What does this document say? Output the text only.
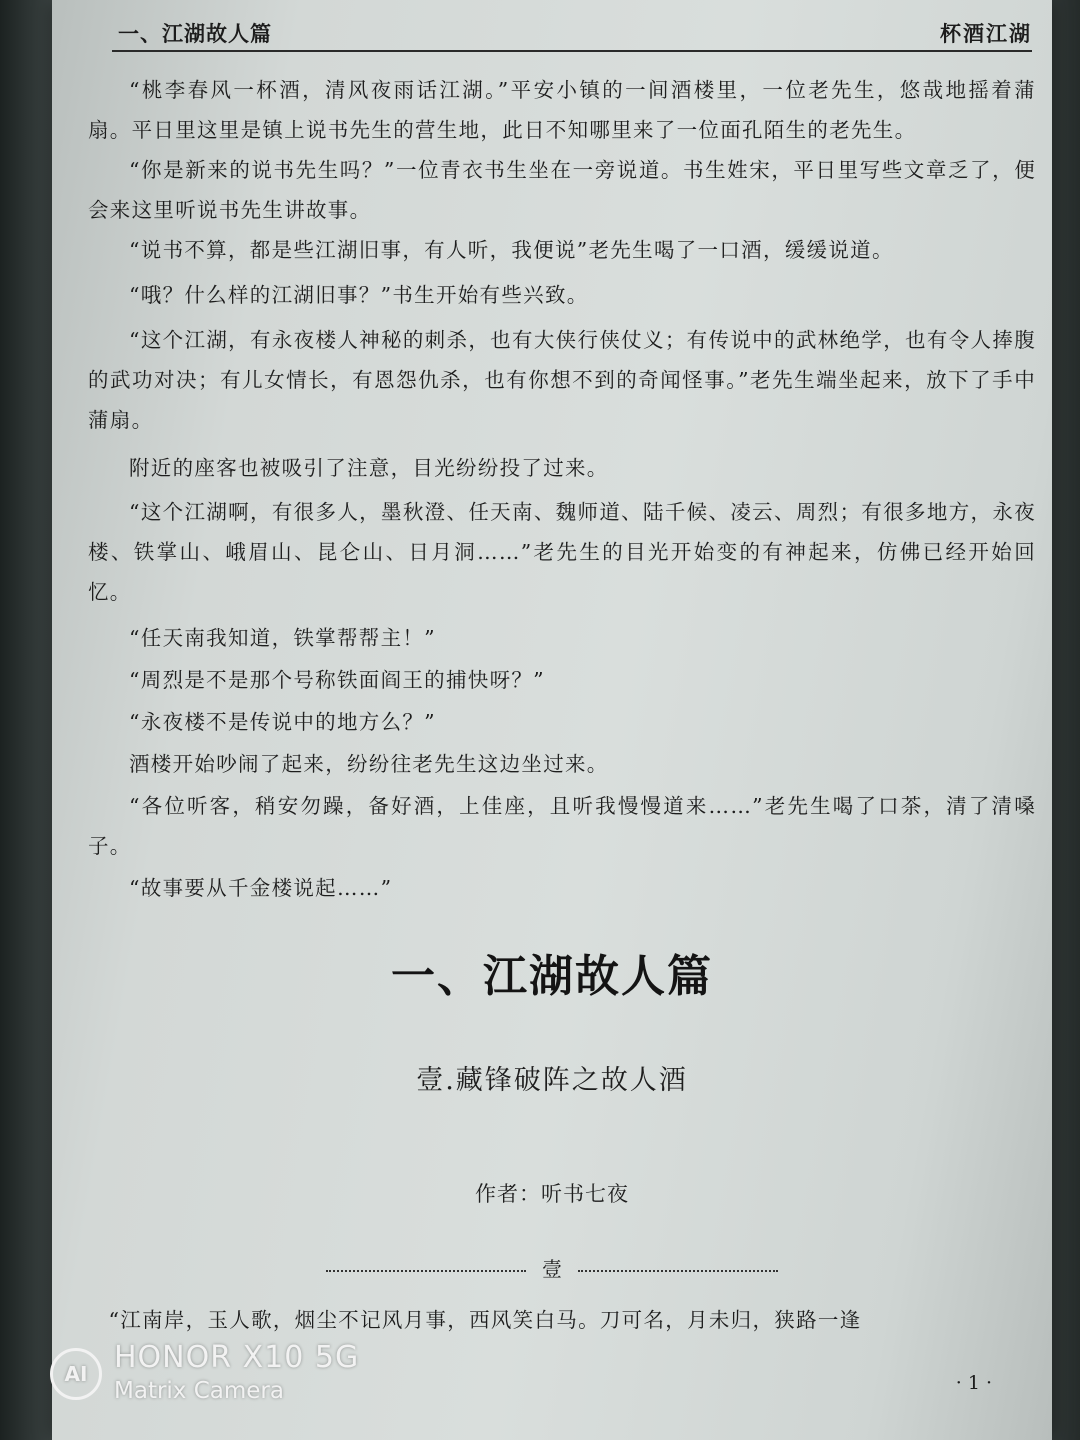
一、江湖故人篇	杯酒江湖

“桃李春风一杯酒，清风夜雨话江湖。”平安小镇的一间酒楼里，一位老先生，悠哉地摇着蒲扇。平日里这里是镇上说书先生的营生地，此日不知哪里来了一位面孔陌生的老先生。

“你是新来的说书先生吗？”一位青衣书生坐在一旁说道。书生姓宋，平日里写些文章乏了，便会来这里听说书先生讲故事。

“说书不算，都是些江湖旧事，有人听，我便说”老先生喝了一口酒，缓缓说道。

“哦？什么样的江湖旧事？”书生开始有些兴致。

“这个江湖，有永夜楼人神秘的刺杀，也有大侠行侠仗义；有传说中的武林绝学，也有令人捧腹的武功对决；有儿女情长，有恩怨仇杀，也有你想不到的奇闻怪事。”老先生端坐起来，放下了手中蒲扇。

附近的座客也被吸引了注意，目光纷纷投了过来。

“这个江湖啊，有很多人，墨秋澄、任天南、魏师道、陆千候、凌云、周烈；有很多地方，永夜楼、铁掌山、峨眉山、昆仑山、日月洞……”老先生的目光开始变的有神起来，仿佛已经开始回忆。

“任天南我知道，铁掌帮帮主！”

“周烈是不是那个号称铁面阎王的捕快呀？”

“永夜楼不是传说中的地方么？”

酒楼开始吵闹了起来，纷纷往老先生这边坐过来。

“各位听客，稍安勿躁，备好酒，上佳座，且听我慢慢道来……”老先生喝了口茶，清了清嗓子。

“故事要从千金楼说起……”

一、江湖故人篇
壹.藏锋破阵之故人酒
作者：听书七夜
壹

“江南岸，玉人歌，烟尘不记风月事，西风笑白马。刀可名，月未归，狭路一逢

· 1 ·
AI HONOR X10 5G
Matrix Camera
